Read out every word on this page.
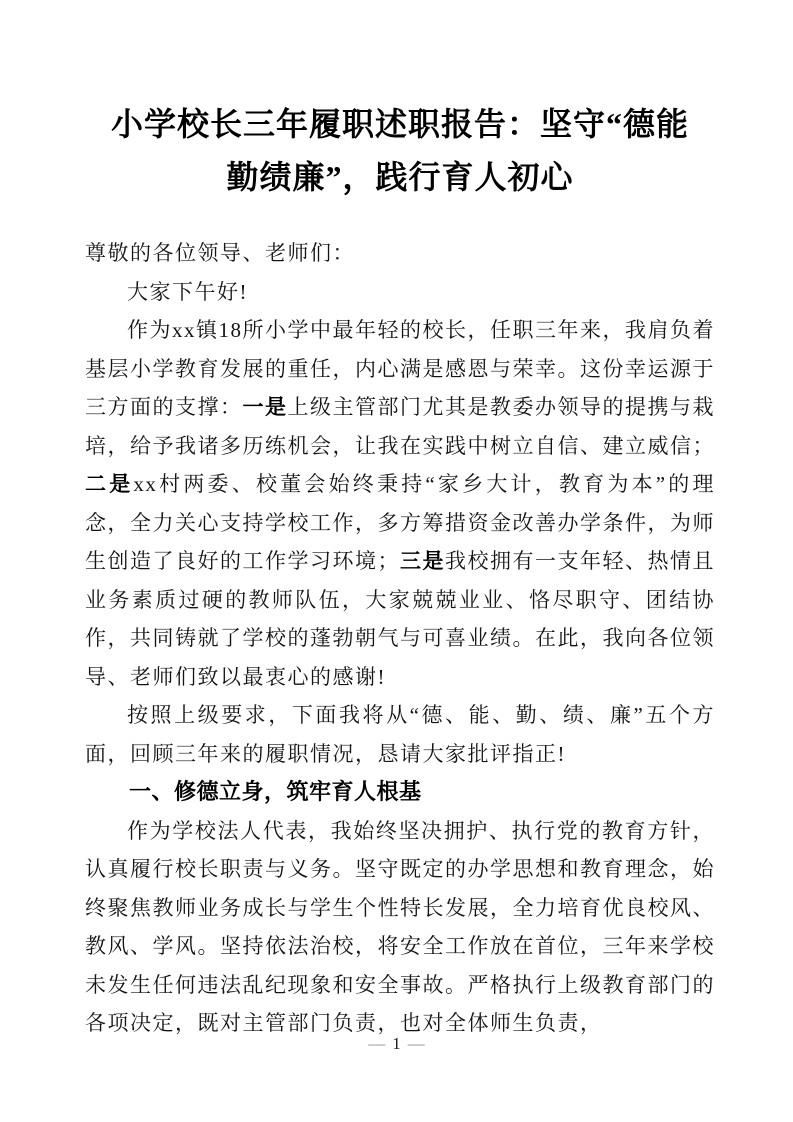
小学校长三年履职述职报告：坚守“德能
勤绩廉”，践行育人初心

尊敬的各位领导、老师们：

大家下午好!

作为xx镇18所小学中最年轻的校长，任职三年来，我肩负着基层小学教育发展的重任，内心满是感恩与荣幸。这份幸运源于三方面的支撑：一是上级主管部门尤其是教委办领导的提携与栽培，给予我诸多历练机会，让我在实践中树立自信、建立威信；二是xx村两委、校董会始终秉持“家乡大计，教育为本”的理念，全力关心支持学校工作，多方筹措资金改善办学条件，为师生创造了良好的工作学习环境；三是我校拥有一支年轻、热情且业务素质过硬的教师队伍，大家兢兢业业、恪尽职守、团结协作，共同铸就了学校的蓬勃朝气与可喜业绩。在此，我向各位领导、老师们致以最衷心的感谢!

按照上级要求，下面我将从“德、能、勤、绩、廉”五个方面，回顾三年来的履职情况，恳请大家批评指正!

一、修德立身，筑牢育人根基

作为学校法人代表，我始终坚决拥护、执行党的教育方针，认真履行校长职责与义务。坚守既定的办学思想和教育理念，始终聚焦教师业务成长与学生个性特长发展，全力培育优良校风、教风、学风。坚持依法治校，将安全工作放在首位，三年来学校未发生任何违法乱纪现象和安全事故。严格执行上级教育部门的各项决定，既对主管部门负责，也对全体师生负责，

— 1 —
